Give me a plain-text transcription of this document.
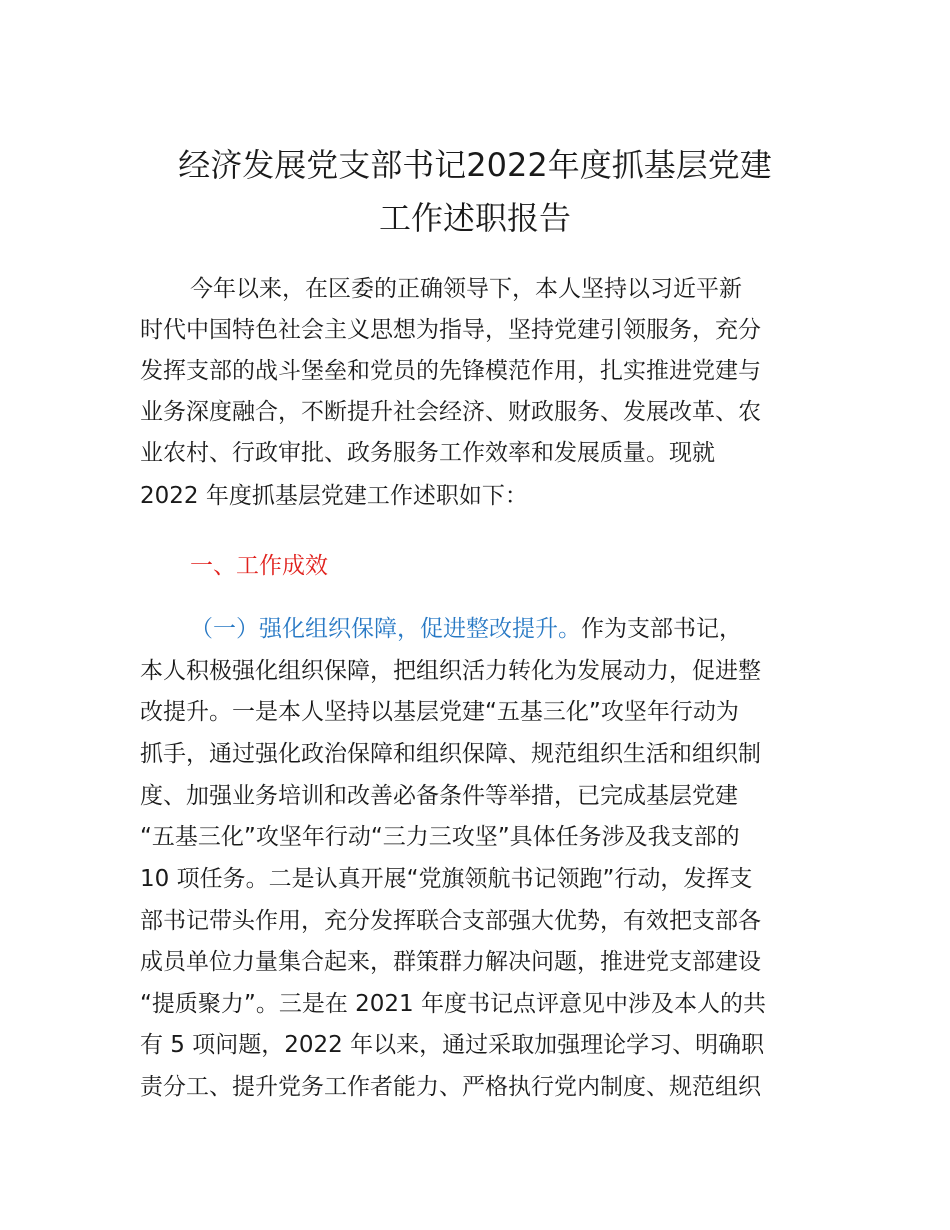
经济发展党支部书记2022年度抓基层党建
工作述职报告
今年以来，在区委的正确领导下，本人坚持以习近平新
时代中国特色社会主义思想为指导，坚持党建引领服务，充分
发挥支部的战斗堡垒和党员的先锋模范作用，扎实推进党建与
业务深度融合，不断提升社会经济、财政服务、发展改革、农
业农村、行政审批、政务服务工作效率和发展质量。现就
2022 年度抓基层党建工作述职如下：
一、工作成效
（一）强化组织保障，促进整改提升。作为支部书记，
本人积极强化组织保障，把组织活力转化为发展动力，促进整
改提升。一是本人坚持以基层党建“五基三化”攻坚年行动为
抓手，通过强化政治保障和组织保障、规范组织生活和组织制
度、加强业务培训和改善必备条件等举措，已完成基层党建
“五基三化”攻坚年行动“三力三攻坚”具体任务涉及我支部的
10 项任务。二是认真开展“党旗领航书记领跑”行动，发挥支
部书记带头作用，充分发挥联合支部强大优势，有效把支部各
成员单位力量集合起来，群策群力解决问题，推进党支部建设
“提质聚力”。三是在 2021 年度书记点评意见中涉及本人的共
有 5 项问题，2022 年以来，通过采取加强理论学习、明确职
责分工、提升党务工作者能力、严格执行党内制度、规范组织
